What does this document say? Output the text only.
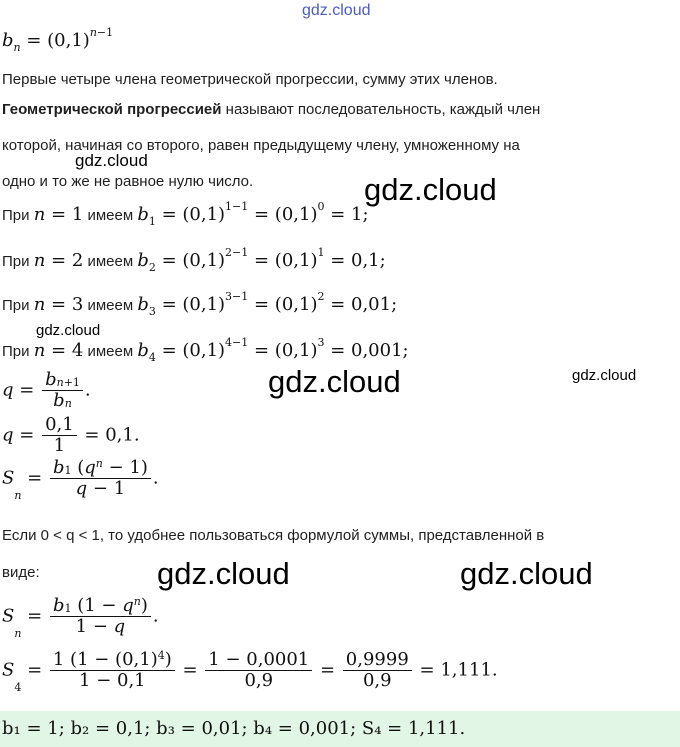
gdz.cloud
gdz.cloud
gdz.cloud
gdz.cloud
gdz.cloud	gdz.cloud
gdz.cloud	gdz.cloud
$b_n = (0,1)^{n-1}$
Первые четыре члена геометрической прогрессии, сумму этих членов.
Геометрической прогрессией называют последовательность, каждый член
которой, начиная со второго, равен предыдущему члену, умноженному на
одно и то же не равное нулю число.
При n = 1 имеем $b_1 = (0,1)^{1-1} = (0,1)^0 = 1$;
При n = 2 имеем $b_2 = (0,1)^{2-1} = (0,1)^1 = 0,1$;
При n = 3 имеем $b_3 = (0,1)^{3-1} = (0,1)^2 = 0,01$;
При n = 4 имеем $b_4 = (0,1)^{4-1} = (0,1)^3 = 0,001$;
$q = \frac{b_{n+1}}{b_n}$ .
$q = \frac{0,1}{1} = 0,1$.
$S_n = \frac{b_1 (q^n - 1)}{q - 1}$ .
Если 0 < q < 1, то удобнее пользоваться формулой суммы, представленной в
виде:
$S_n = \frac{b_1 (1 - q^n)}{1 - q}$ .
$S_4 = \frac{1 (1 - (0,1)^4)}{1 - 0,1} = \frac{1 - 0,0001}{0,9} = \frac{0,9999}{0,9} = 1,111$.
b₁ = 1; b₂ = 0,1; b₃ = 0,01; b₄ = 0,001; S₄ = 1,111.
